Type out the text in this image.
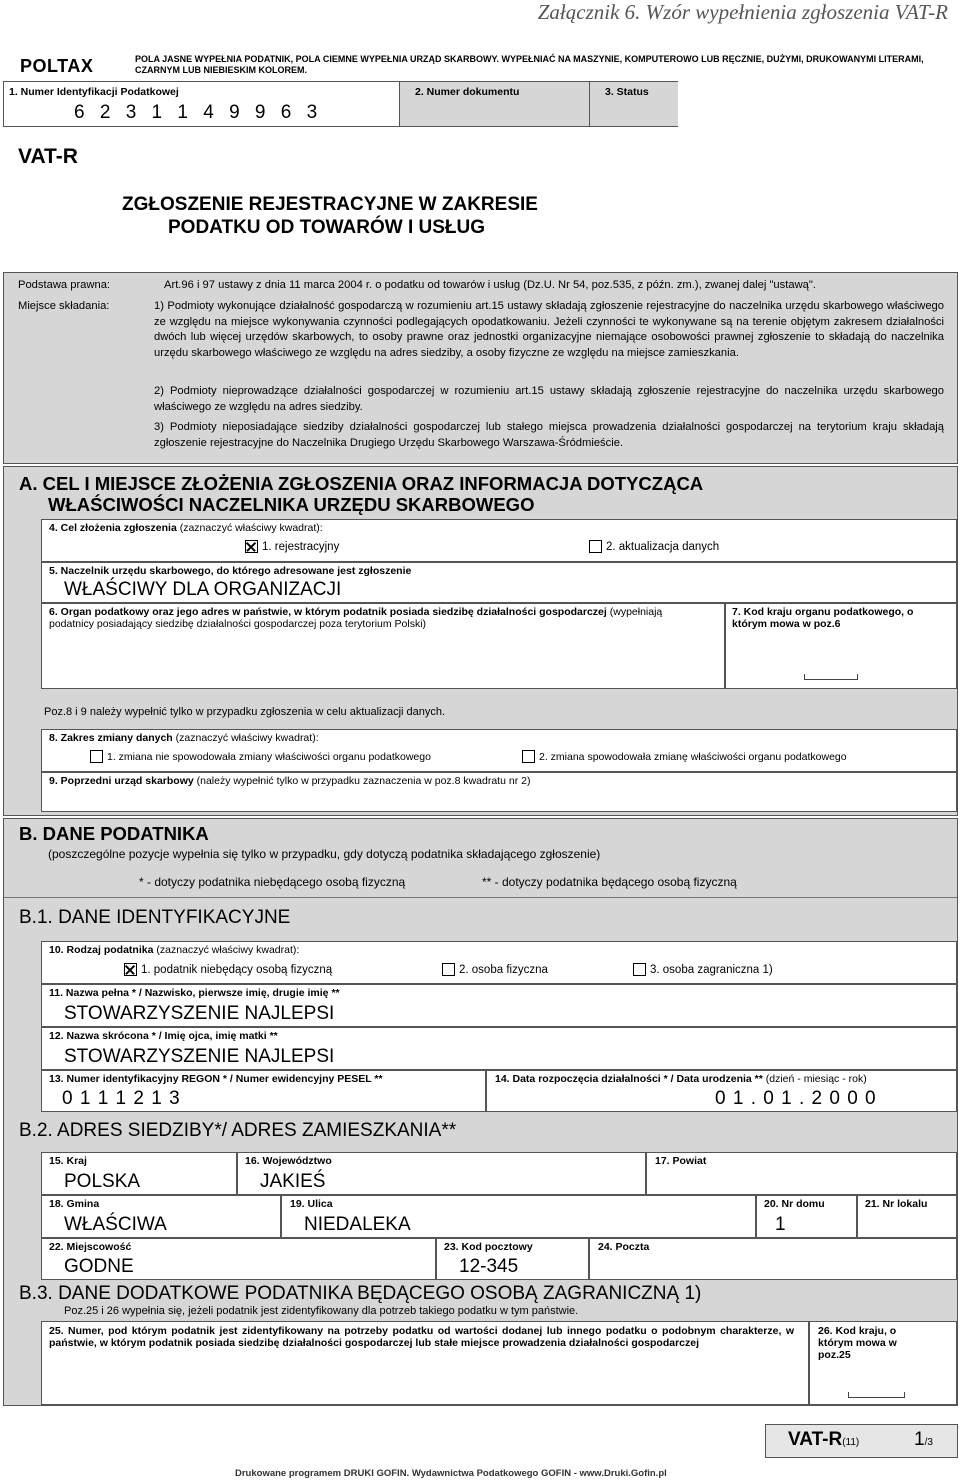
Załącznik 6. Wzór wypełnienia zgłoszenia VAT-R
POLTAX	POLA JASNE WYPEŁNIA PODATNIK, POLA CIEMNE WYPEŁNIA URZĄD SKARBOWY. WYPEŁNIAĆ NA MASZYNIE, KOMPUTEROWO LUB RĘCZNIE, DUŻYMI, DRUKOWANYMI LITERAMI, CZARNYM LUB NIEBIESKIM KOLOREM.
1. Numer Identyfikacji Podatkowej
6 2 3 1 1 4 9 9 6 3
2. Numer dokumentu	3. Status
VAT-R
ZGŁOSZENIE REJESTRACYJNE W ZAKRESIE
PODATKU OD TOWARÓW I USŁUG
Podstawa prawna:	Art.96 i 97 ustawy z dnia 11 marca 2004 r. o podatku od towarów i usług (Dz.U. Nr 54, poz.535, z późn. zm.), zwanej dalej "ustawą".
Miejsce składania:	1) Podmioty wykonujące działalność gospodarczą w rozumieniu art.15 ustawy składają zgłoszenie rejestracyjne do naczelnika urzędu skarbowego właściwego ze względu na miejsce wykonywania czynności podlegających opodatkowaniu. Jeżeli czynności te wykonywane są na terenie objętym zakresem działalności dwóch lub więcej urzędów skarbowych, to osoby prawne oraz jednostki organizacyjne niemające osobowości prawnej zgłoszenie to składają do naczelnika urzędu skarbowego właściwego ze względu na adres siedziby, a osoby fizyczne ze względu na miejsce zamieszkania.
2) Podmioty nieprowadzące działalności gospodarczej w rozumieniu art.15 ustawy składają zgłoszenie rejestracyjne do naczelnika urzędu skarbowego właściwego ze względu na adres siedziby.
3) Podmioty nieposiadające siedziby działalności gospodarczej lub stałego miejsca prowadzenia działalności gospodarczej na terytorium kraju składają zgłoszenie rejestracyjne do Naczelnika Drugiego Urzędu Skarbowego Warszawa-Śródmieście.
A. CEL I MIEJSCE ZŁOŻENIA ZGŁOSZENIA ORAZ INFORMACJA DOTYCZĄCA
WŁAŚCIWOŚCI NACZELNIKA URZĘDU SKARBOWEGO
4. Cel złożenia zgłoszenia (zaznaczyć właściwy kwadrat):
1. rejestracyjny	2. aktualizacja danych
5. Naczelnik urzędu skarbowego, do którego adresowane jest zgłoszenie
WŁAŚCIWY DLA ORGANIZACJI
6. Organ podatkowy oraz jego adres w państwie, w którym podatnik posiada siedzibę działalności gospodarczej (wypełniają podatnicy posiadający siedzibę działalności gospodarczej poza terytorium Polski)
7. Kod kraju organu podatkowego, o którym mowa w poz.6
Poz.8 i 9 należy wypełnić tylko w przypadku zgłoszenia w celu aktualizacji danych.
8. Zakres zmiany danych (zaznaczyć właściwy kwadrat):
1. zmiana nie spowodowała zmiany właściwości organu podatkowego	2. zmiana spowodowała zmianę właściwości organu podatkowego
9. Poprzedni urząd skarbowy (należy wypełnić tylko w przypadku zaznaczenia w poz.8 kwadratu nr 2)
B. DANE PODATNIKA
(poszczególne pozycje wypełnia się tylko w przypadku, gdy dotyczą podatnika składającego zgłoszenie)
* - dotyczy podatnika niebędącego osobą fizyczną	** - dotyczy podatnika będącego osobą fizyczną
B.1. DANE IDENTYFIKACYJNE
10. Rodzaj podatnika (zaznaczyć właściwy kwadrat):
1. podatnik niebędący osobą fizyczną	2. osoba fizyczna	3. osoba zagraniczna 1)
11. Nazwa pełna * / Nazwisko, pierwsze imię, drugie imię **
STOWARZYSZENIE NAJLEPSI
12. Nazwa skrócona * / Imię ojca, imię matki **
STOWARZYSZENIE NAJLEPSI
13. Numer identyfikacyjny REGON * / Numer ewidencyjny PESEL **
0 1 1 1 2 1 3
14. Data rozpoczęcia działalności * / Data urodzenia ** (dzień - miesiąc - rok)
0 1 . 0 1 . 2 0 0 0
B.2. ADRES SIEDZIBY*/ ADRES ZAMIESZKANIA**
15. Kraj
POLSKA
16. Województwo
JAKIEŚ
17. Powiat
18. Gmina
WŁAŚCIWA
19. Ulica
NIEDALEKA
20. Nr domu
1
21. Nr lokalu
22. Miejscowość
GODNE
23. Kod pocztowy
12-345
24. Poczta
B.3. DANE DODATKOWE PODATNIKA BĘDĄCEGO OSOBĄ ZAGRANICZNĄ 1)
Poz.25 i 26 wypełnia się, jeżeli podatnik jest zidentyfikowany dla potrzeb takiego podatku w tym państwie.
25. Numer, pod którym podatnik jest zidentyfikowany na potrzeby podatku od wartości dodanej lub innego podatku o podobnym charakterze, w państwie, w którym podatnik posiada siedzibę działalności gospodarczej lub stałe miejsce prowadzenia działalności gospodarczej
26. Kod kraju, o którym mowa w poz.25
VAT-R(11)	1/3
Drukowane programem DRUKI GOFIN. Wydawnictwa Podatkowego GOFIN - www.Druki.Gofin.pl
